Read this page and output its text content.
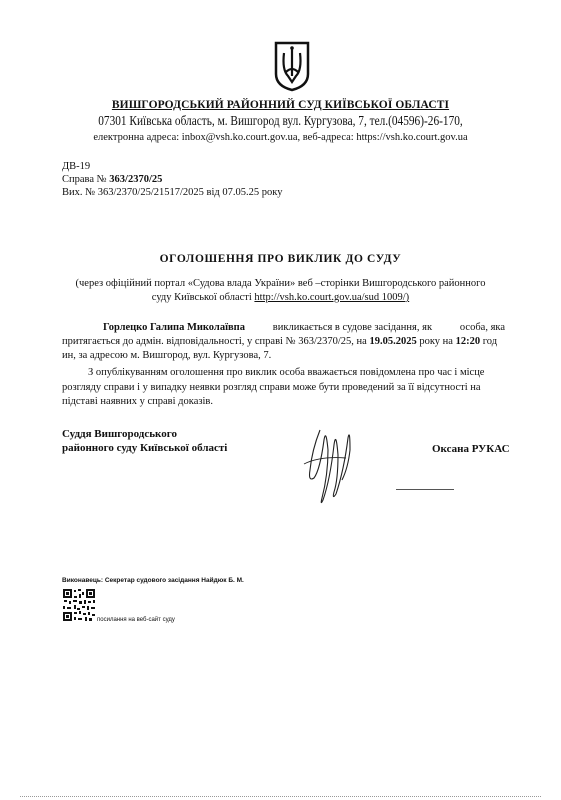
ВИШГОРОДСЬКИЙ РАЙОННИЙ СУД КИЇВСЬКОЇ ОБЛАСТІ
07301 Київська область, м. Вишгород вул. Кургузова, 7, тел.(04596)-26-170,
електронна адреса: inbox@vsh.ko.court.gov.ua, веб-адреса: https://vsh.ko.court.gov.ua
ДВ-19
Справа № 363/2370/25
Вих. № 363/2370/25/21517/2025 від 07.05.25 року
ОГОЛОШЕННЯ ПРО ВИКЛИК ДО СУДУ
(через офіційний портал «Судова влада України» веб –сторінки Вишгородського районного
суду Київської області http://vsh.ko.court.gov.ua/sud 1009/)
Горлецко Галипа Миколаївпа	викликається в судове засідання, як	особа, яка
притягається до адмін. відповідальності, у справі № 363/2370/25, на 19.05.2025 року на 12:20 год
ин, за адресою м. Вишгород, вул. Кургузова, 7.
З опублікуванням оголошення про виклик особа вважається повідомлена про час і місце
розгляду справи і у випадку неявки розгляд справи може бути проведений за її відсутності на
підставі наявних у справі доказів.
Суддя Вишгородського
районного суду Київської області	Оксана РУКАС
Виконавець: Секретар судового засідання Найдюк Б. М.
посилання на веб-сайт суду
